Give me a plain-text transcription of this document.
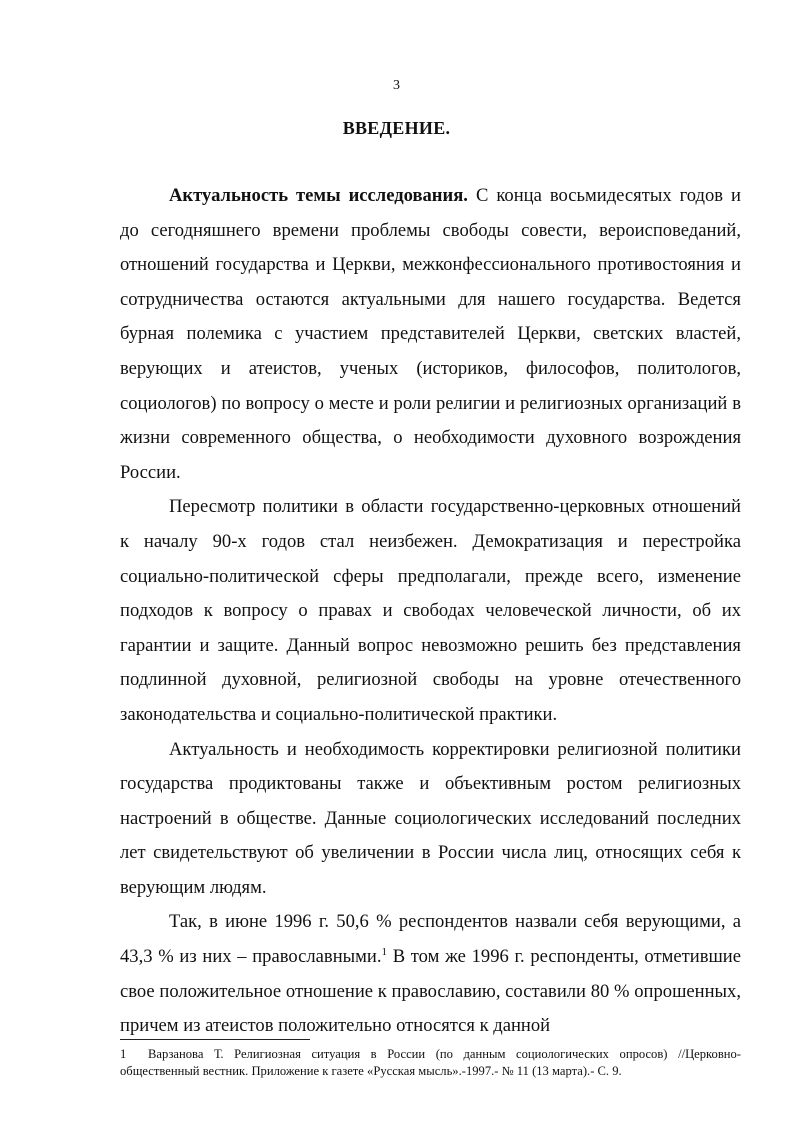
3
ВВЕДЕНИЕ.

Актуальность темы исследования. С конца восьмидесятых годов и до сегодняшнего времени проблемы свободы совести, вероисповеданий, отношений государства и Церкви, межконфессионального противостояния и сотрудничества остаются актуальными для нашего государства. Ведется бурная полемика с участием представителей Церкви, светских властей, верующих и атеистов, ученых (историков, философов, политологов, социологов) по вопросу о месте и роли религии и религиозных организаций в жизни современного общества, о необходимости духовного возрождения России.

Пересмотр политики в области государственно-церковных отношений к началу 90-х годов стал неизбежен. Демократизация и перестройка социально-политической сферы предполагали, прежде всего, изменение подходов к вопросу о правах и свободах человеческой личности, об их гарантии и защите. Данный вопрос невозможно решить без представления подлинной духовной, религиозной свободы на уровне отечественного законодательства и социально-политической практики.

Актуальность и необходимость корректировки религиозной политики государства продиктованы также и объективным ростом религиозных настроений в обществе. Данные социологических исследований последних лет свидетельствуют об увеличении в России числа лиц, относящих себя к верующим людям.

Так, в июне 1996 г. 50,6 % респондентов назвали себя верующими, а 43,3 % из них – православными.$^1$ В том же 1996 г. респонденты, отметившие свое положительное отношение к православию, составили 80 % опрошенных, причем из атеистов положительно относятся к данной

1 Варзанова Т. Религиозная ситуация в России (по данным социологических опросов) //Церковно-общественный вестник. Приложение к газете «Русская мысль».-1997.- № 11 (13 марта).- С. 9.
